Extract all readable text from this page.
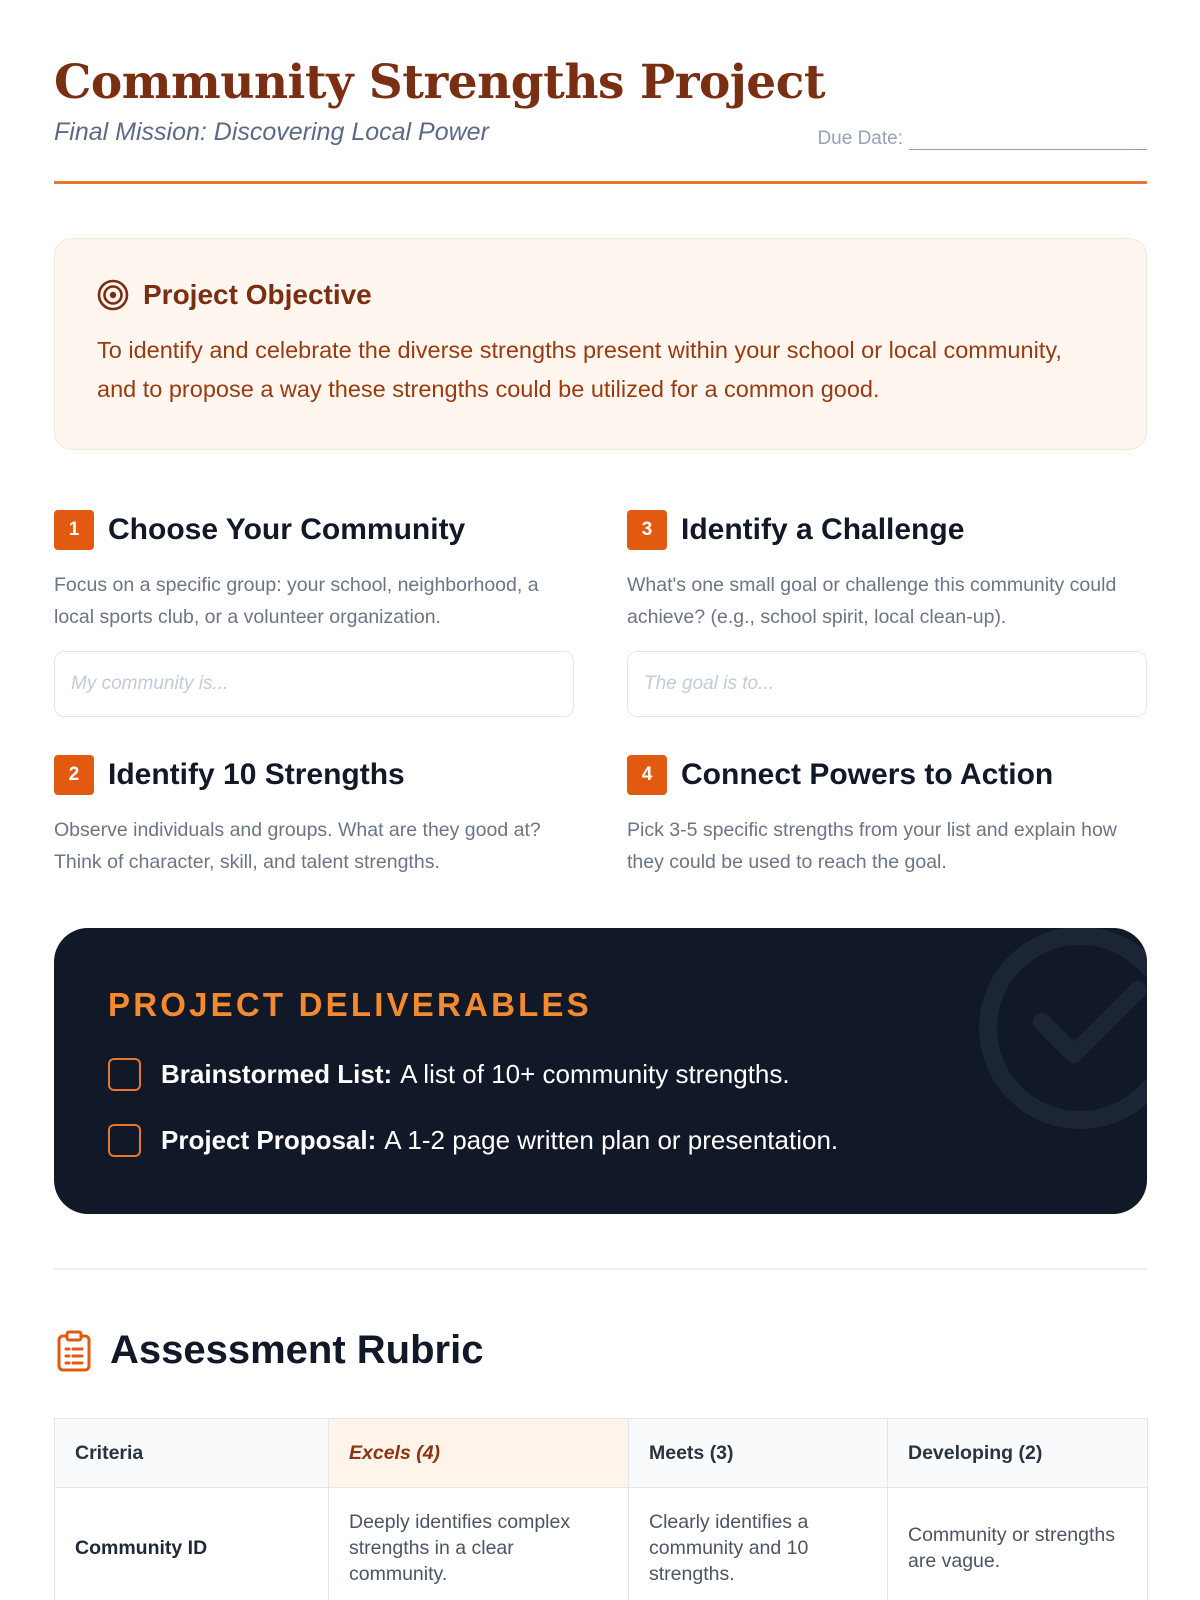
Community Strengths Project
Final Mission: Discovering Local Power	Due Date:
Project Objective

To identify and celebrate the diverse strengths present within your school or local community, and to propose a way these strengths could be utilized for a common good.

1 Choose Your Community

Focus on a specific group: your school, neighborhood, a local sports club, or a volunteer organization.

My community is...
3 Identify a Challenge

What's one small goal or challenge this community could achieve? (e.g., school spirit, local clean-up).

The goal is to...
2 Identify 10 Strengths

Observe individuals and groups. What are they good at? Think of character, skill, and talent strengths.

4 Connect Powers to Action

Pick 3-5 specific strengths from your list and explain how they could be used to reach the goal.

PROJECT DELIVERABLES
Brainstormed List: A list of 10+ community strengths.
Project Proposal: A 1-2 page written plan or presentation.
Assessment Rubric
Criteria	Excels (4)	Meets (3)	Developing (2)
Community ID	Deeply identifies complex strengths in a clear community.	Clearly identifies a community and 10 strengths.	Community or strengths are vague.
